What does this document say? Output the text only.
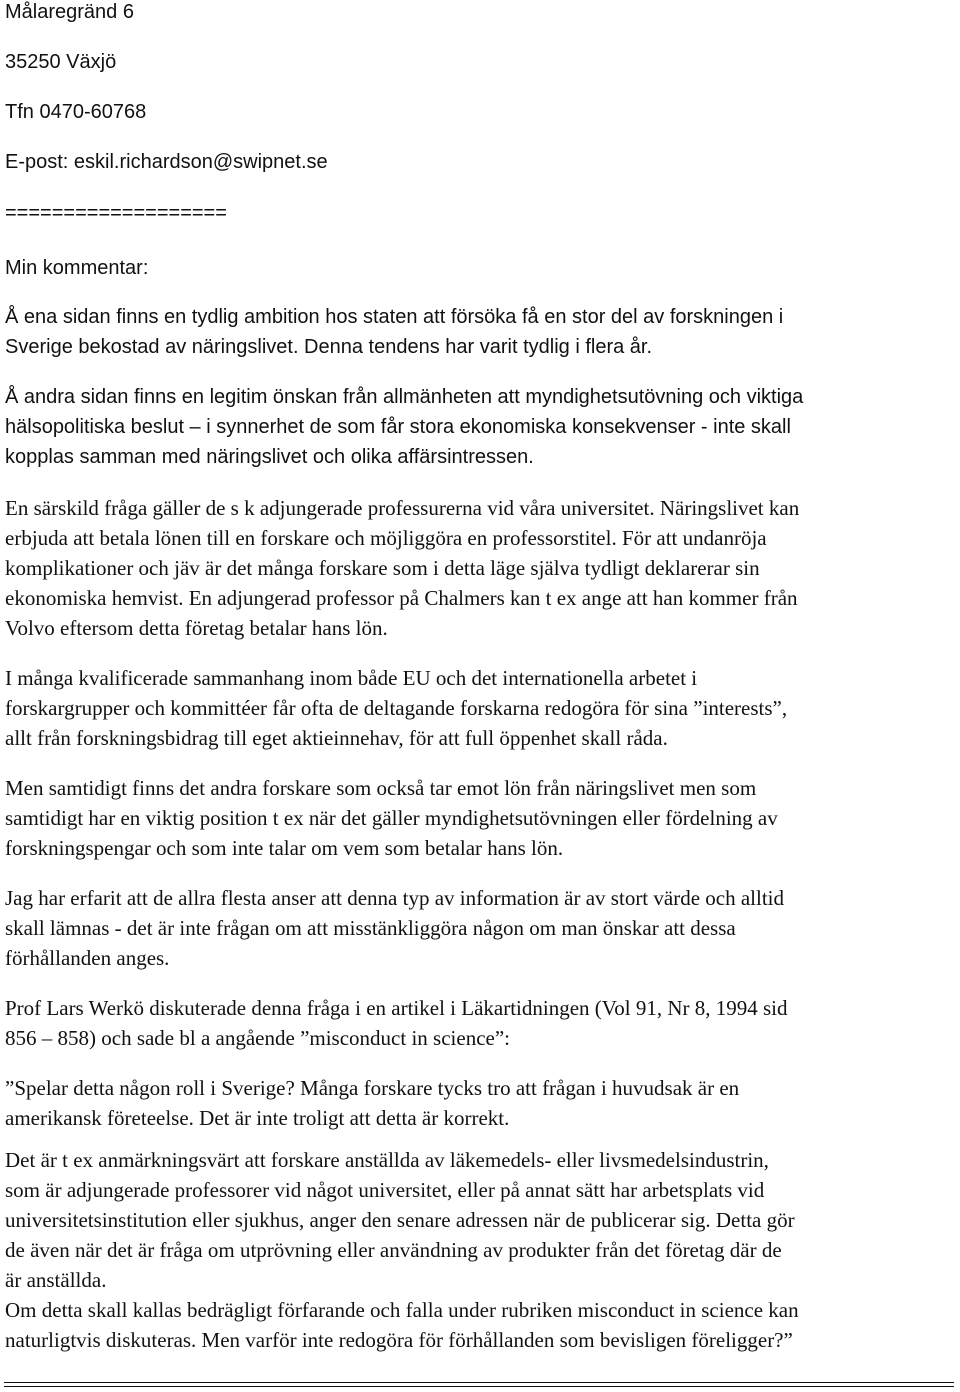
Målaregränd 6
35250 Växjö
Tfn 0470-60768
E-post: eskil.richardson@swipnet.se
===================
Min kommentar:
Å ena sidan finns en tydlig ambition hos staten att försöka få en stor del av forskningen i
Sverige bekostad av näringslivet. Denna tendens har varit tydlig i flera år.
Å andra sidan finns en legitim önskan från allmänheten att myndighetsutövning och viktiga
hälsopolitiska beslut – i synnerhet de som får stora ekonomiska konsekvenser - inte skall
kopplas samman med näringslivet och olika affärsintressen.
En särskild fråga gäller de s k adjungerade professurerna vid våra universitet. Näringslivet kan
erbjuda att betala lönen till en forskare och möjliggöra en professorstitel. För att undanröja
komplikationer och jäv är det många forskare som i detta läge själva tydligt deklarerar sin
ekonomiska hemvist. En adjungerad professor på Chalmers kan t ex ange att han kommer från
Volvo eftersom detta företag betalar hans lön.
I många kvalificerade sammanhang inom både EU och det internationella arbetet i
forskargrupper och kommittéer får ofta de deltagande forskarna redogöra för sina ”interests”,
allt från forskningsbidrag till eget aktieinnehav, för att full öppenhet skall råda.
Men samtidigt finns det andra forskare som också tar emot lön från näringslivet men som
samtidigt har en viktig position t ex när det gäller myndighetsutövningen eller fördelning av
forskningspengar och som inte talar om vem som betalar hans lön.
Jag har erfarit att de allra flesta anser att denna typ av information är av stort värde och alltid
skall lämnas - det är inte frågan om att misstänkliggöra någon om man önskar att dessa
förhållanden anges.
Prof Lars Werkö diskuterade denna fråga i en artikel i Läkartidningen (Vol 91, Nr 8, 1994 sid
856 – 858) och sade bl a angående ”misconduct in science”:
”Spelar detta någon roll i Sverige? Många forskare tycks tro att frågan i huvudsak är en
amerikansk företeelse. Det är inte troligt att detta är korrekt.
Det är t ex anmärkningsvärt att forskare anställda av läkemedels- eller livsmedelsindustrin,
som är adjungerade professorer vid något universitet, eller på annat sätt har arbetsplats vid
universitetsinstitution eller sjukhus, anger den senare adressen när de publicerar sig. Detta gör
de även när det är fråga om utprövning eller användning av produkter från det företag där de
är anställda.
Om detta skall kallas bedrägligt förfarande och falla under rubriken misconduct in science kan
naturligtvis diskuteras. Men varför inte redogöra för förhållanden som bevisligen föreligger?”
